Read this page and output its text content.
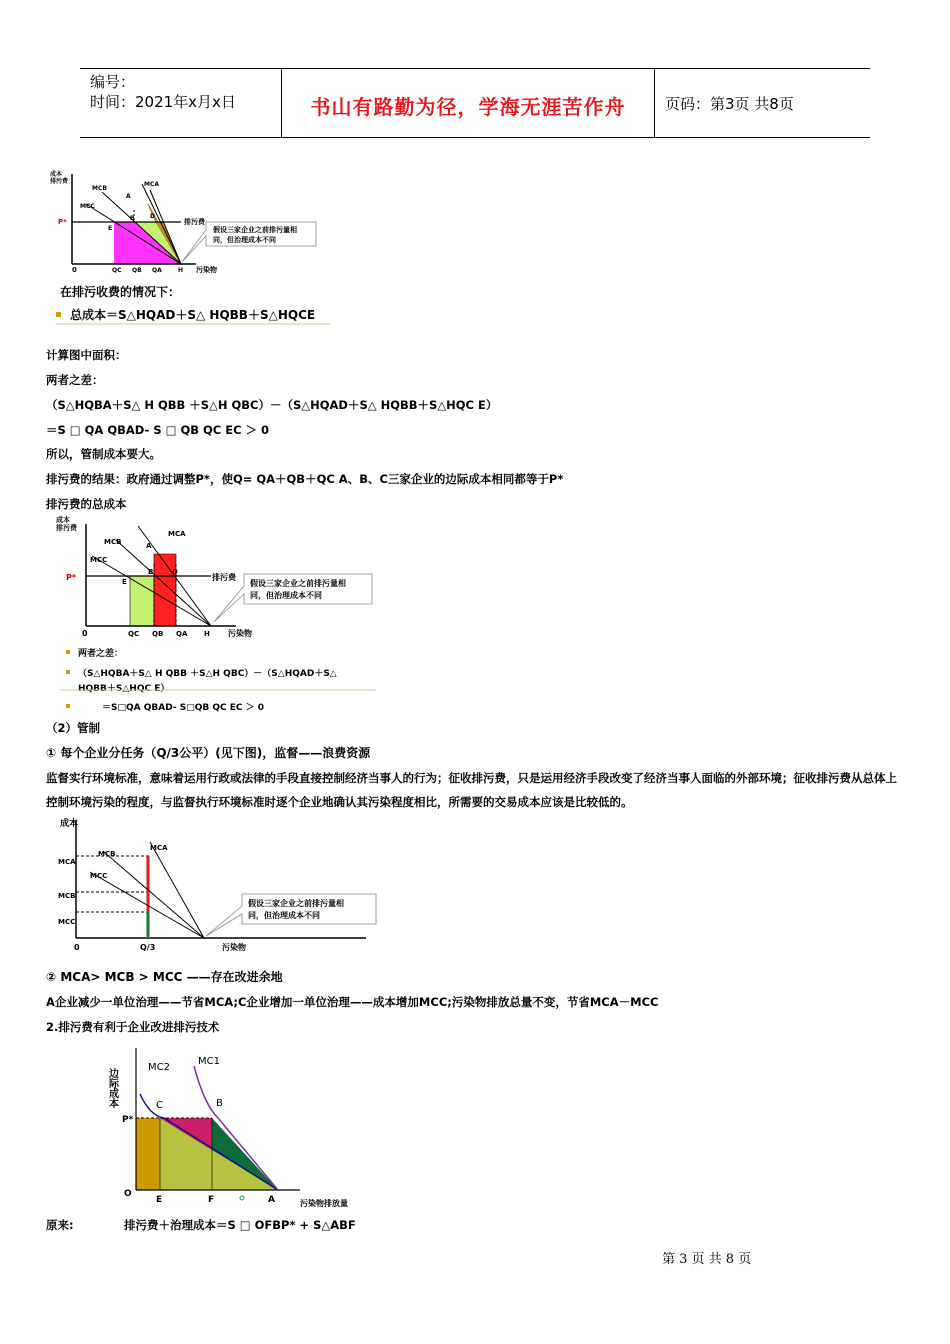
编号：
时间：2021年x月x日	书山有路勤为径，学海无涯苦作舟	页码：第3页 共8页
假设三家企业之前排污量相
同，但治理成本不同
成本
排污费	MCA
MCB
MCC
P*	排污费
0	污染物
QC QB QA	H
A
B	D
E
在排污收费的情况下：
总成本＝S△HQAD＋S△ HQBB＋S△HQCE
计算图中面积：
两者之差：
（S△HQBA＋S△ H QBB ＋S△H QBC）－（S△HQAD＋S△ HQBB＋S△HQC E）
＝S □ QA QBAD- S □ QB QC EC ＞ 0
所以，管制成本要大。
排污费的结果：政府通过调整P*，使Q= QA＋QB＋QC A、B、C三家企业的边际成本相同都等于P*
排污费的总成本
假设三家企业之前排污量相
同，但治理成本不同
成本
排污费
MCA
MCB
MCC
P*	排污费
0	污染物
QC QB QA H
A
B	D
E
两者之差：
（S△HQBA＋S△ H QBB ＋S△H QBC）－（S△HQAD＋S△
HQBB＋S△HQC E）
＝S□QA QBAD- S□QB QC EC ＞ 0
（2）管制
① 每个企业分任务（Q/3公平）(见下图)，监督——浪费资源
监督实行环境标准，意味着运用行政或法律的手段直接控制经济当事人的行为；征收排污费，只是运用经济手段改变了经济当事人面临的外部环境；征收排污费从总体上控制环境污染的程度，与监督执行环境标准时逐个企业地确认其污染程度相比，所需要的交易成本应该是比较低的。
假设三家企业之前排污量相
同，但治理成本不同
成本
MCA
MCB
MCC
MCA
MCB
MCC
0	Q/3	污染物
② MCA> MCB > MCC ——存在改进余地
A企业减少一单位治理——节省MCA;C企业增加一单位治理——成本增加MCC;污染物排放总量不变，节省MCA－MCC
2.排污费有利于企业改进排污技术
边际成本
MC1
MC2
P*
O
C	B
E	F	A	污染物排放量
原来:	排污费＋治理成本＝S □ OFBP* + S△ABF
第 3 页 共 8 页
